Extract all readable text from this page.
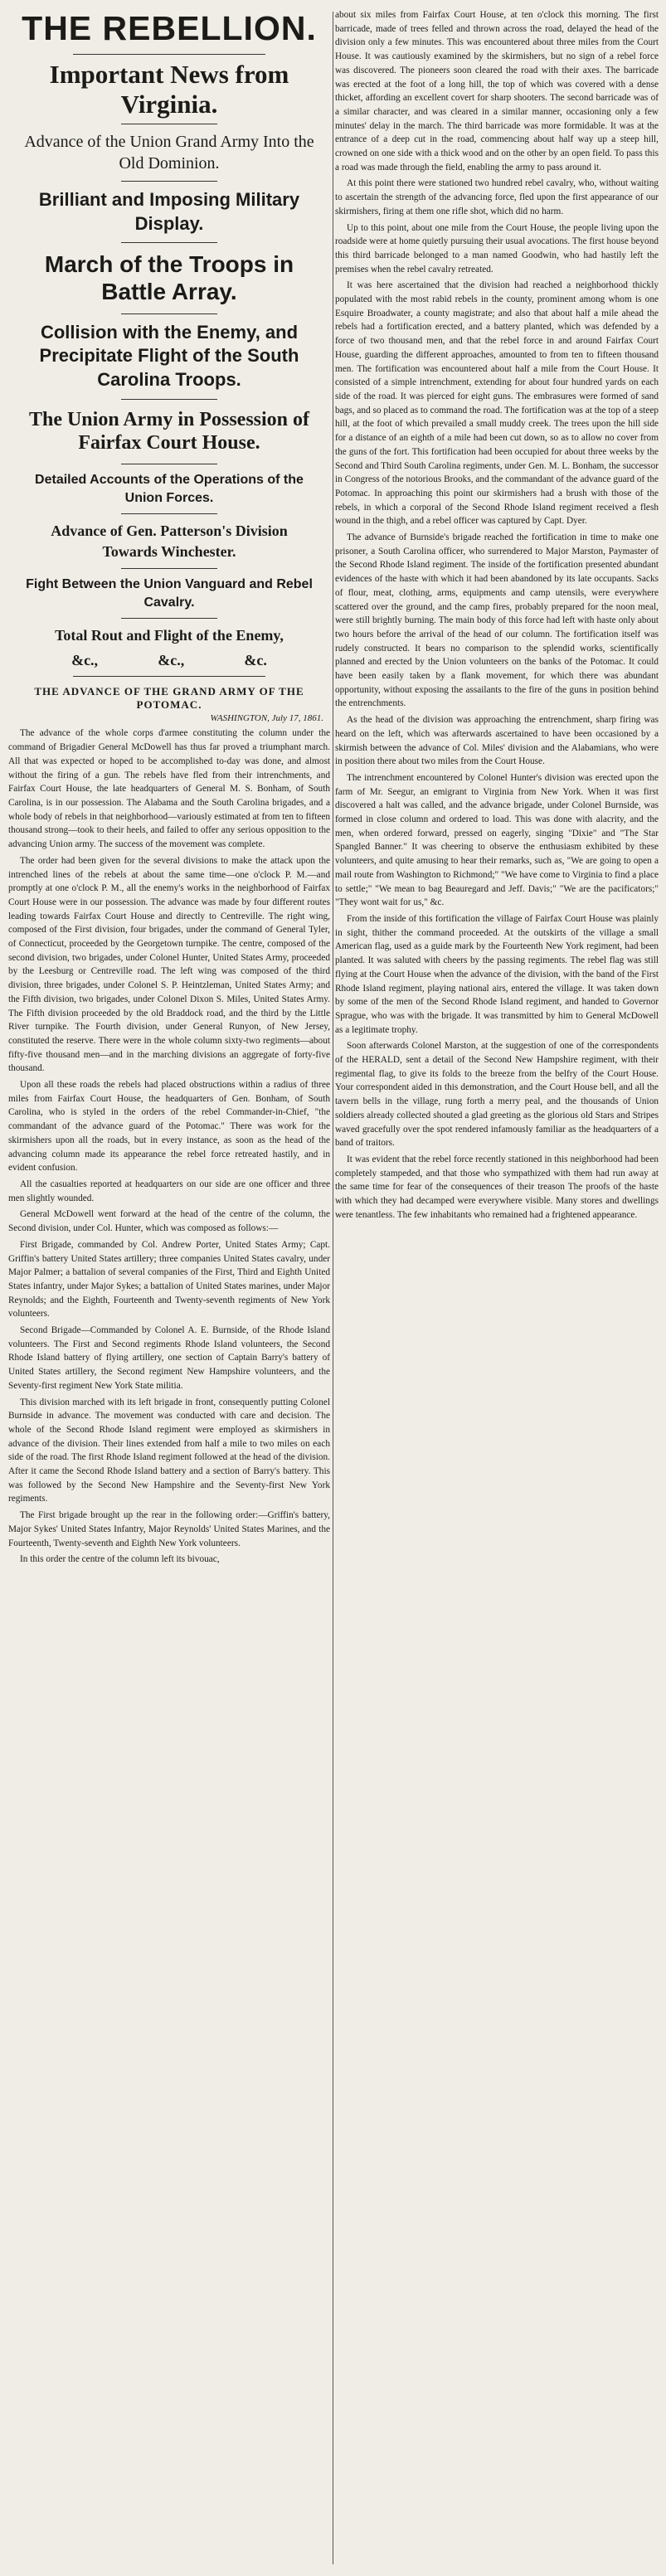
THE REBELLION.
Important News from Virginia.
Advance of the Union Grand Army Into the Old Dominion.
Brilliant and Imposing Military Display.
March of the Troops in Battle Array.
Collision with the Enemy, and Precipitate Flight of the South Carolina Troops.
The Union Army in Possession of Fairfax Court House.
Detailed Accounts of the Operations of the Union Forces.
Advance of Gen. Patterson's Division Towards Winchester.
Fight Between the Union Vanguard and Rebel Cavalry.
Total Rout and Flight of the Enemy,
&c.,	&c.,	&c.
THE ADVANCE OF THE GRAND ARMY OF THE POTOMAC.
WASHINGTON, July 17, 1861.

The advance of the whole corps d'armee constituting the column under the command of Brigadier General McDowell has thus far proved a triumphant march. All that was expected or hoped to be accomplished to-day was done, and almost without the firing of a gun. The rebels have fled from their intrenchments, and Fairfax Court House, the late headquarters of General M. S. Bonham, of South Carolina, is in our possession. The Alabama and the South Carolina brigades, and a whole body of rebels in that neighborhood—variously estimated at from ten to fifteen thousand strong—took to their heels, and failed to offer any serious opposition to the advancing Union army. The success of the movement was complete.

The order had been given for the several divisions to make the attack upon the intrenched lines of the rebels at about the same time—one o'clock P. M.—and promptly at one o'clock P. M., all the enemy's works in the neighborhood of Fairfax Court House were in our possession. The advance was made by four different routes leading towards Fairfax Court House and directly to Centreville. The right wing, composed of the First division, four brigades, under the command of General Tyler, of Connecticut, proceeded by the Georgetown turnpike. The centre, composed of the second division, two brigades, under Colonel Hunter, United States Army, proceeded by the Leesburg or Centreville road. The left wing was composed of the third division, three brigades, under Colonel S. P. Heintzleman, United States Army; and the Fifth division, two brigades, under Colonel Dixon S. Miles, United States Army. The Fifth division proceeded by the old Braddock road, and the third by the Little River turnpike. The Fourth division, under General Runyon, of New Jersey, constituted the reserve. There were in the whole column sixty-two regiments—about fifty-five thousand men—and in the marching divisions an aggregate of forty-five thousand.

Upon all these roads the rebels had placed obstructions within a radius of three miles from Fairfax Court House, the headquarters of Gen. Bonham, of South Carolina, who is styled in the orders of the rebel Commander-in-Chief, "the commandant of the advance guard of the Potomac." There was work for the skirmishers upon all the roads, but in every instance, as soon as the head of the advancing column made its appearance the rebel force retreated hastily, and in evident confusion.

All the casualties reported at headquarters on our side are one officer and three men slightly wounded.

General McDowell went forward at the head of the centre of the column, the Second division, under Col. Hunter, which was composed as follows:—

First Brigade, commanded by Col. Andrew Porter, United States Army; Capt. Griffin's battery United States artillery; three companies United States cavalry, under Major Palmer; a battalion of several companies of the First, Third and Eighth United States infantry, under Major Sykes; a battalion of United States marines, under Major Reynolds; and the Eighth, Fourteenth and Twenty-seventh regiments of New York volunteers.

Second Brigade—Commanded by Colonel A. E. Burnside, of the Rhode Island volunteers. The First and Second regiments Rhode Island volunteers, the Second Rhode Island battery of flying artillery, one section of Captain Barry's battery of United States artillery, the Second regiment New Hampshire volunteers, and the Seventy-first regiment New York State militia.

This division marched with its left brigade in front, consequently putting Colonel Burnside in advance. The movement was conducted with care and decision. The whole of the Second Rhode Island regiment were employed as skirmishers in advance of the division. Their lines extended from half a mile to two miles on each side of the road. The first Rhode Island regiment followed at the head of the division. After it came the Second Rhode Island battery and a section of Barry's battery. This was followed by the Second New Hampshire and the Seventy-first New York regiments.

The First brigade brought up the rear in the following order:—Griffin's battery, Major Sykes' United States Infantry, Major Reynolds' United States Marines, and the Fourteenth, Twenty-seventh and Eighth New York volunteers.

In this order the centre of the column left its bivouac,

about six miles from Fairfax Court House, at ten o'clock this morning. The first barricade, made of trees felled and thrown across the road, delayed the head of the division only a few minutes. This was encountered about three miles from the Court House. It was cautiously examined by the skirmishers, but no sign of a rebel force was discovered. The pioneers soon cleared the road with their axes. The barricade was erected at the foot of a long hill, the top of which was covered with a dense thicket, affording an excellent covert for sharp shooters. The second barricade was of a similar character, and was cleared in a similar manner, occasioning only a few minutes' delay in the march. The third barricade was more formidable. It was at the entrance of a deep cut in the road, commencing about half way up a steep hill, crowned on one side with a thick wood and on the other by an open field. To pass this a road was made through the field, enabling the army to pass around it.

At this point there were stationed two hundred rebel cavalry, who, without waiting to ascertain the strength of the advancing force, fled upon the first appearance of our skirmishers, firing at them one rifle shot, which did no harm.

Up to this point, about one mile from the Court House, the people living upon the roadside were at home quietly pursuing their usual avocations. The first house beyond this third barricade belonged to a man named Goodwin, who had hastily left the premises when the rebel cavalry retreated.

It was here ascertained that the division had reached a neighborhood thickly populated with the most rabid rebels in the county, prominent among whom is one Esquire Broadwater, a county magistrate; and also that about half a mile ahead the rebels had a fortification erected, and a battery planted, which was defended by a force of two thousand men, and that the rebel force in and around Fairfax Court House, guarding the different approaches, amounted to from ten to fifteen thousand men. The fortification was encountered about half a mile from the Court House. It consisted of a simple intrenchment, extending for about four hundred yards on each side of the road. It was pierced for eight guns. The embrasures were formed of sand bags, and so placed as to command the road. The fortification was at the top of a steep hill, at the foot of which prevailed a small muddy creek. The trees upon the hill side for a distance of an eighth of a mile had been cut down, so as to allow no cover from the guns of the fort. This fortification had been occupied for about three weeks by the Second and Third South Carolina regiments, under Gen. M. L. Bonham, the successor in Congress of the notorious Brooks, and the commandant of the advance guard of the Potomac. In approaching this point our skirmishers had a brush with those of the rebels, in which a corporal of the Second Rhode Island regiment received a flesh wound in the thigh, and a rebel officer was captured by Capt. Dyer.

The advance of Burnside's brigade reached the fortification in time to make one prisoner, a South Carolina officer, who surrendered to Major Marston, Paymaster of the Second Rhode Island regiment. The inside of the fortification presented abundant evidences of the haste with which it had been abandoned by its late occupants. Sacks of flour, meat, clothing, arms, equipments and camp utensils, were everywhere scattered over the ground, and the camp fires, probably prepared for the noon meal, were still brightly burning. The main body of this force had left with haste only about two hours before the arrival of the head of our column. The fortification itself was rudely constructed. It bears no comparison to the splendid works, scientifically planned and erected by the Union volunteers on the banks of the Potomac. It could have been easily taken by a flank movement, for which there was abundant opportunity, without exposing the assailants to the fire of the guns in position behind the entrenchments.

As the head of the division was approaching the entrenchment, sharp firing was heard on the left, which was afterwards ascertained to have been occasioned by a skirmish between the advance of Col. Miles' division and the Alabamians, who were in position there about two miles from the Court House.

The intrenchment encountered by Colonel Hunter's division was erected upon the farm of Mr. Seegur, an emigrant to Virginia from New York. When it was first discovered a halt was called, and the advance brigade, under Colonel Burnside, was formed in close column and ordered to load. This was done with alacrity, and the men, when ordered forward, pressed on eagerly, singing "Dixie" and "The Star Spangled Banner." It was cheering to observe the enthusiasm exhibited by these volunteers, and quite amusing to hear their remarks, such as, "We are going to open a mail route from Washington to Richmond;" "We have come to Virginia to find a place to settle;" "We mean to bag Beauregard and Jeff. Davis;" "We are the pacificators;" "They wont wait for us," &c.

From the inside of this fortification the village of Fairfax Court House was plainly in sight, thither the command proceeded. At the outskirts of the village a small American flag, used as a guide mark by the Fourteenth New York regiment, had been planted. It was saluted with cheers by the passing regiments. The rebel flag was still flying at the Court House when the advance of the division, with the band of the First Rhode Island regiment, playing national airs, entered the village. It was taken down by some of the men of the Second Rhode Island regiment, and handed to Governor Sprague, who was with the brigade. It was transmitted by him to General McDowell as a legitimate trophy.

Soon afterwards Colonel Marston, at the suggestion of one of the correspondents of the HERALD, sent a detail of the Second New Hampshire regiment, with their regimental flag, to give its folds to the breeze from the belfry of the Court House. Your correspondent aided in this demonstration, and the Court House bell, and all the tavern bells in the village, rung forth a merry peal, and the thousands of Union soldiers already collected shouted a glad greeting as the glorious old Stars and Stripes waved gracefully over the spot rendered infamously familiar as the headquarters of a band of traitors.

It was evident that the rebel force recently stationed in this neighborhood had been completely stampeded, and that those who sympathized with them had run away at the same time for fear of the consequences of their treason The proofs of the haste with which they had decamped were everywhere visible. Many stores and dwellings were tenantless. The few inhabitants who remained had a frightened appearance.
